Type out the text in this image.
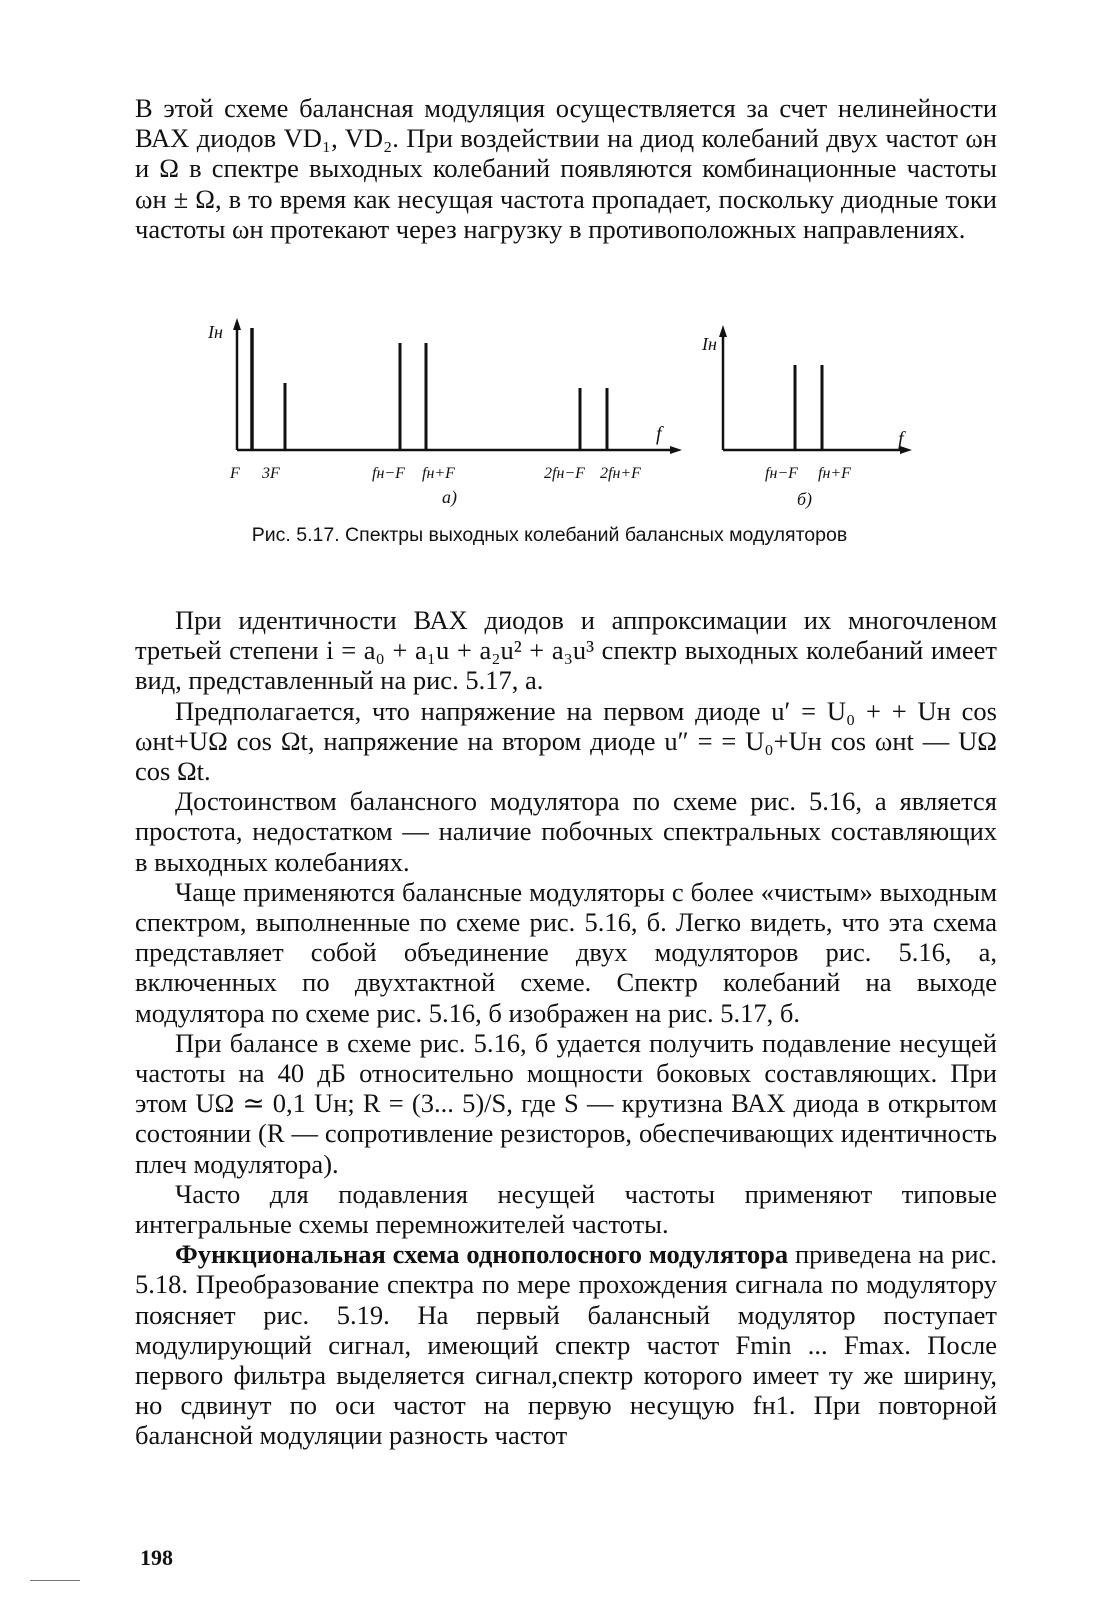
В этой схеме балансная модуляция осуществляется за счет нелинейности ВАХ диодов VD₁, VD₂. При воздействии на диод колебаний двух частот ωн и Ω в спектре выходных колебаний появляются комбинационные частоты ωн ± Ω, в то время как несущая частота пропадает, поскольку диодные токи частоты ωн протекают через нагрузку в противоположных направлениях.

Iн
f
F 3F	fн−F fн+F	2fн−F 2fн+F
а)
Iн
f
fн−F fн+F
б)
Рис. 5.17. Спектры выходных колебаний балансных модуляторов

При идентичности ВАХ диодов и аппроксимации их многочленом третьей степени i = a₀ + a₁u + a₂u² + a₃u³ спектр выходных колебаний имеет вид, представленный на рис. 5.17, а.

Предполагается, что напряжение на первом диоде u′ = U₀ + + Uн cos ωнt+UΩ cos Ωt, напряжение на втором диоде u″ = = U₀+Uн cos ωнt — UΩ cos Ωt.

Достоинством балансного модулятора по схеме рис. 5.16, а является простота, недостатком — наличие побочных спектральных составляющих в выходных колебаниях.

Чаще применяются балансные модуляторы с более «чистым» выходным спектром, выполненные по схеме рис. 5.16, б. Легко видеть, что эта схема представляет собой объединение двух модуляторов рис. 5.16, а, включенных по двухтактной схеме. Спектр колебаний на выходе модулятора по схеме рис. 5.16, б изображен на рис. 5.17, б.

При балансе в схеме рис. 5.16, б удается получить подавление несущей частоты на 40 дБ относительно мощности боковых составляющих. При этом UΩ ≃ 0,1 Uн; R = (3... 5)/S, где S — крутизна ВАХ диода в открытом состоянии (R — сопротивление резисторов, обеспечивающих идентичность плеч модулятора).

Часто для подавления несущей частоты применяют типовые интегральные схемы перемножителей частоты.

Функциональная схема однополосного модулятора приведена на рис. 5.18. Преобразование спектра по мере прохождения сигнала по модулятору поясняет рис. 5.19. На первый балансный модулятор поступает модулирующий сигнал, имеющий спектр частот Fmin ... Fmax. После первого фильтра выделяется сигнал,спектр которого имеет ту же ширину, но сдвинут по оси частот на первую несущую fн1. При повторной балансной модуляции разность частот

198
